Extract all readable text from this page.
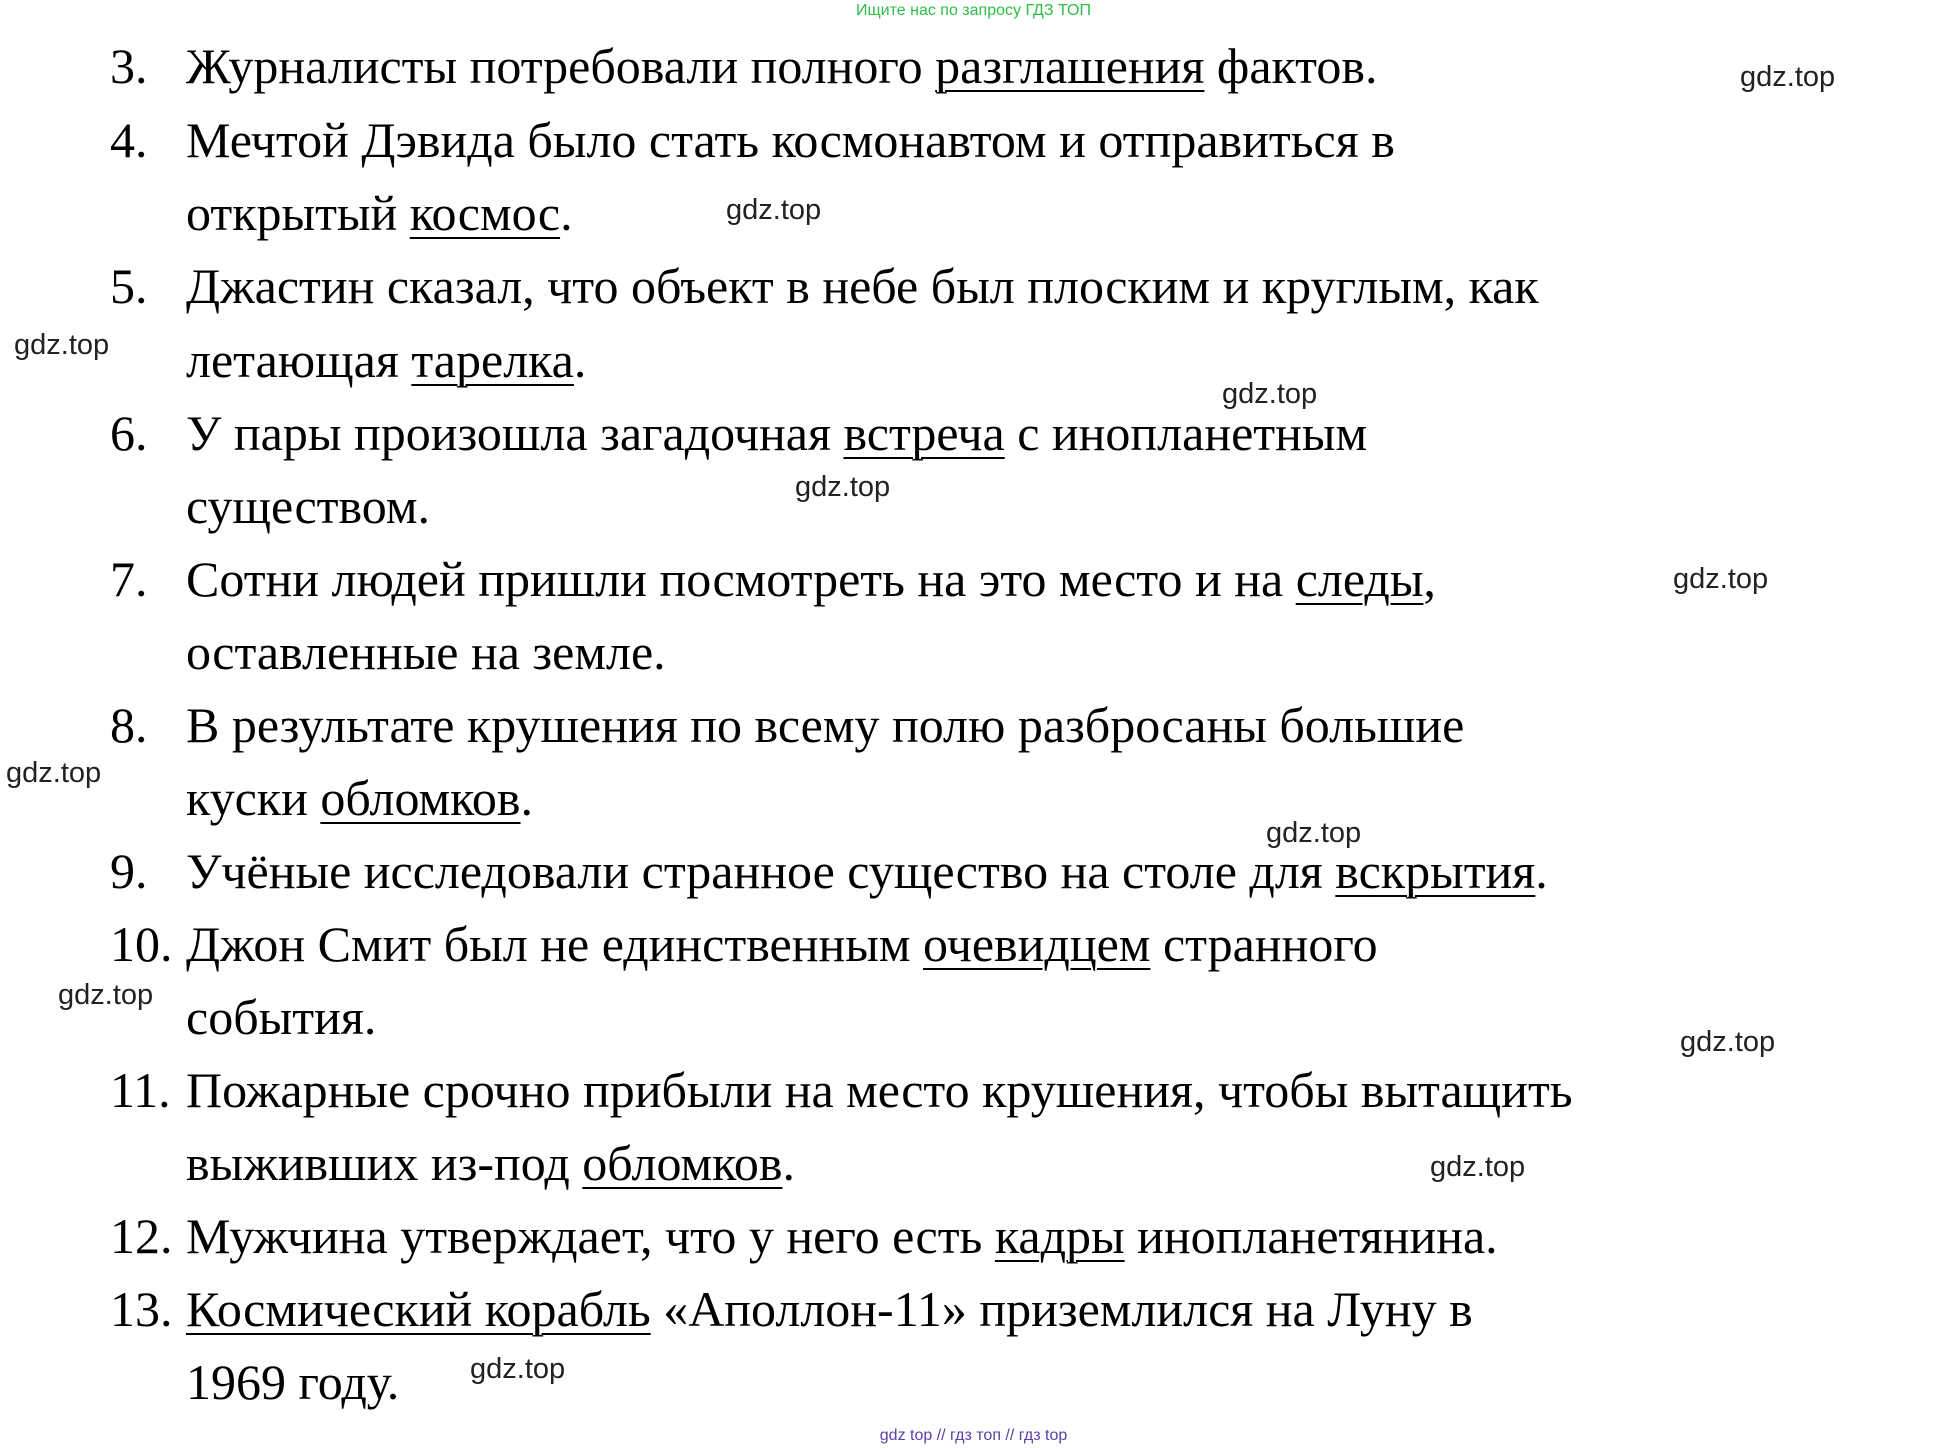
Ищите нас по запросу ГДЗ ТОП
3. Журналисты потребовали полного разглашения фактов.
4. Мечтой Дэвида было стать космонавтом и отправиться в
открытый космос.
5. Джастин сказал, что объект в небе был плоским и круглым, как
летающая тарелка.
6. У пары произошла загадочная встреча с инопланетным
существом.
7. Сотни людей пришли посмотреть на это место и на следы,
оставленные на земле.
8. В результате крушения по всему полю разбросаны большие
куски обломков.
9. Учёные исследовали странное существо на столе для вскрытия.
10. Джон Смит был не единственным очевидцем странного
события.
11. Пожарные срочно прибыли на место крушения, чтобы вытащить
выживших из-под обломков.
12. Мужчина утверждает, что у него есть кадры инопланетянина.
13. Космический корабль «Аполлон-11» приземлился на Луну в
1969 году.
gdz.top
gdz.top
gdz.top
gdz.top
gdz.top
gdz.top
gdz.top
gdz.top
gdz.top
gdz.top
gdz.top
gdz.top
gdz top // гдз топ // гдз top
